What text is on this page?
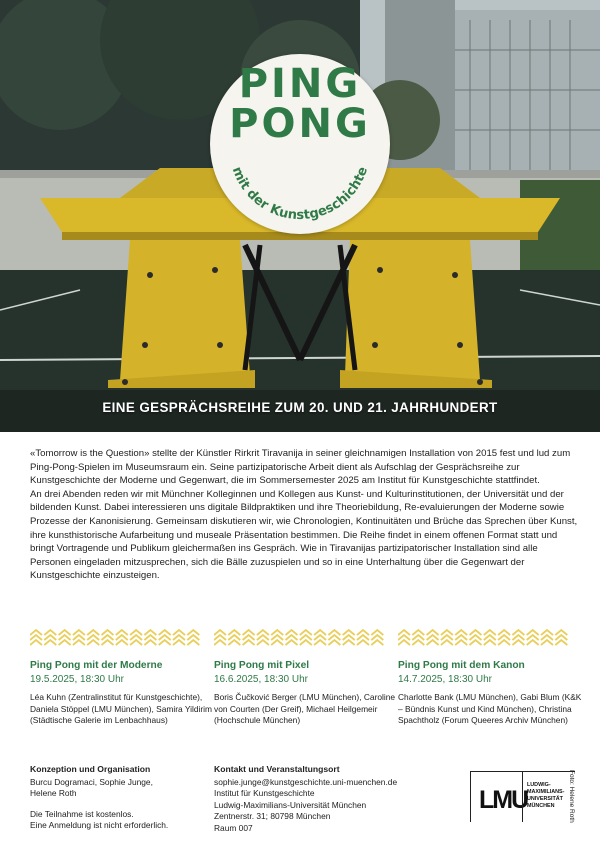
PING
PONG
mit der Kunstgeschichte
EINE GESPRÄCHSREIHE ZUM 20. UND 21. JAHRHUNDERT

«Tomorrow is the Question» stellte der Künstler Rirkrit Tiravanija in seiner gleichnamigen Installation von 2015 fest und lud zum Ping-Pong-Spielen im Museumsraum ein. Seine partizipatorische Arbeit dient als Aufschlag der Gesprächsreihe zur Kunstgeschichte der Moderne und Gegenwart, die im Sommersemester 2025 am Institut für Kunstgeschichte stattfindet.

An drei Abenden reden wir mit Münchner Kolleginnen und Kollegen aus Kunst- und Kulturinstitutionen, der Universität und der bildenden Kunst. Dabei interessieren uns digitale Bildpraktiken und ihre Theoriebildung, Re-evaluierungen der Moderne sowie Prozesse der Kanonisierung. Gemeinsam diskutieren wir, wie Chronologien, Kontinuitäten und Brüche das Sprechen über Kunst, ihre kunsthistorische Aufarbeitung und museale Präsentation bestimmen. Die Reihe findet in einem offenen Format statt und bringt Vortragende und Publikum gleichermaßen ins Gespräch. Wie in Tiravanijas partizipatorischer Installation sind alle Personen eingeladen mitzusprechen, sich die Bälle zuzuspielen und so in eine Unterhaltung über die Gegenwart der Kunstgeschichte einzusteigen.

Ping Pong mit der Moderne
19.5.2025, 18:30 Uhr
Léa Kuhn (Zentralinstitut für Kunstgeschichte), Daniela Stöppel (LMU München), Samira Yildirim (Städtische Galerie im Lenbachhaus)
Ping Pong mit Pixel
16.6.2025, 18:30 Uhr
Boris Čučković Berger (LMU München), Caroline von Courten (Der Greif), Michael Heilgemeir (Hochschule München)
Ping Pong mit dem Kanon
14.7.2025, 18:30 Uhr
Charlotte Bank (LMU München), Gabi Blum (K&K – Bündnis Kunst und Kind München), Christina Spachtholz (Forum Queeres Archiv München)
Konzeption und Organisation
Burcu Dogramaci, Sophie Junge, Helene Roth
Die Teilnahme ist kostenlos.
Eine Anmeldung ist nicht erforderlich.
Kontakt und Veranstaltungsort
sophie.junge@kunstgeschichte.uni-muenchen.de
Institut für Kunstgeschichte
Ludwig-Maximilians-Universität München
Zentnerstr. 31; 80798 München
Raum 007
LMU
LUDWIG-
MAXIMILIANS-
UNIVERSITÄT
MÜNCHEN	Foto: Helene Roth
